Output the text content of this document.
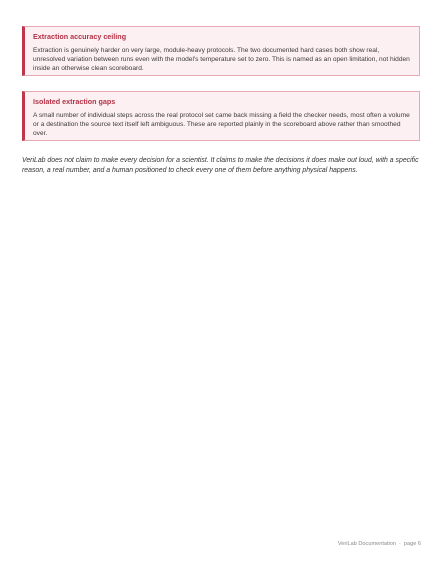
Extraction accuracy ceiling

Extraction is genuinely harder on very large, module-heavy protocols. The two documented hard cases both show real, unresolved variation between runs even with the model's temperature set to zero. This is named as an open limitation, not hidden inside an otherwise clean scoreboard.

Isolated extraction gaps

A small number of individual steps across the real protocol set came back missing a field the checker needs, most often a volume or a destination the source text itself left ambiguous. These are reported plainly in the scoreboard above rather than smoothed over.

VeriLab does not claim to make every decision for a scientist. It claims to make the decisions it does make out loud, with a specific reason, a real number, and a human positioned to check every one of them before anything physical happens.

VeriLab Documentation · page 6
